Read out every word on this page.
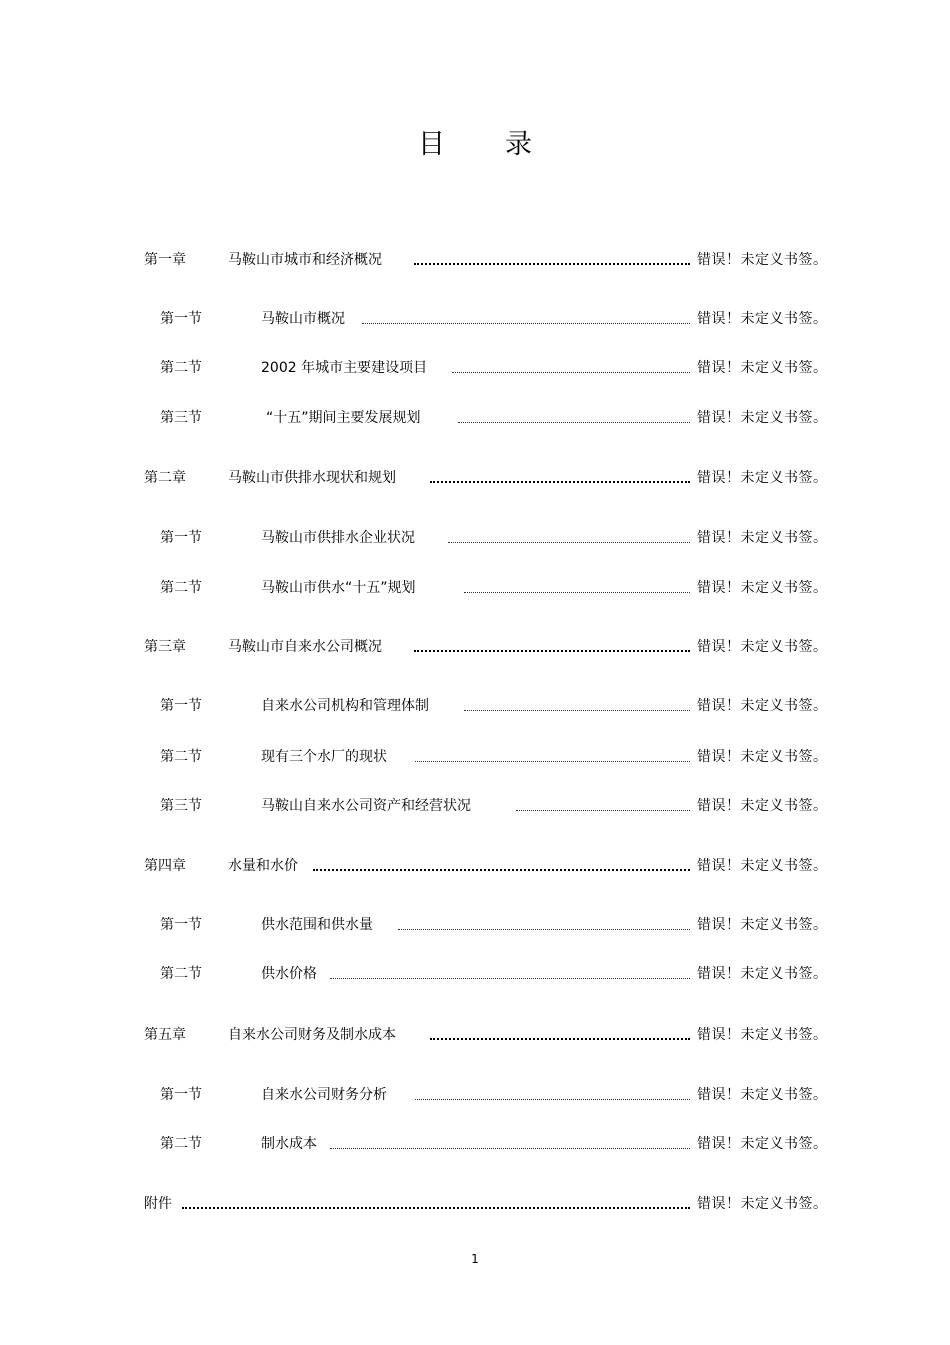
目 录
第一章	马鞍山市城市和经济概况	错误！未定义书签。
第一节	马鞍山市概况	错误！未定义书签。
第二节	2002 年城市主要建设项目	错误！未定义书签。
第三节	“十五”期间主要发展规划	错误！未定义书签。
第二章	马鞍山市供排水现状和规划	错误！未定义书签。
第一节	马鞍山市供排水企业状况	错误！未定义书签。
第二节	马鞍山市供水“十五”规划	错误！未定义书签。
第三章	马鞍山市自来水公司概况	错误！未定义书签。
第一节	自来水公司机构和管理体制	错误！未定义书签。
第二节	现有三个水厂的现状	错误！未定义书签。
第三节	马鞍山自来水公司资产和经营状况	错误！未定义书签。
第四章	水量和水价	错误！未定义书签。
第一节	供水范围和供水量	错误！未定义书签。
第二节	供水价格	错误！未定义书签。
第五章	自来水公司财务及制水成本	错误！未定义书签。
第一节	自来水公司财务分析	错误！未定义书签。
第二节	制水成本	错误！未定义书签。
附件	错误！未定义书签。
1
